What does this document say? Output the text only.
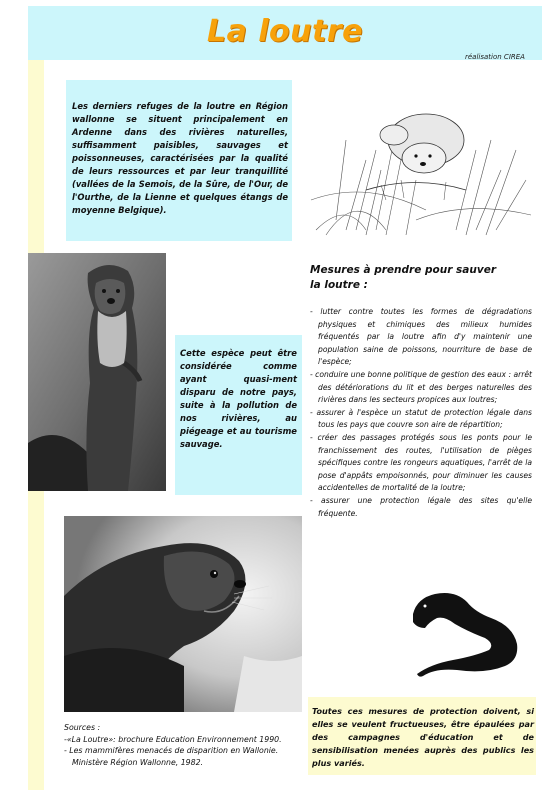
La loutre
réalisation CIREA
Les derniers refuges de la loutre en Région wallonne se situent principalement en Ardenne dans des rivières naturelles, suffisamment paisibles, sauvages et poissonneuses, caractérisées par la qualité de leurs ressources et par leur tranquillité (vallées de la Semois, de la Sûre, de l'Our, de l'Ourthe, de la Lienne et quelques étangs de moyenne Belgique).
Cette espèce peut être considérée comme ayant quasi-ment disparu de notre pays, suite à la pollution de nos rivières, au piégeage et au tourisme sauvage.
Mesures à prendre pour sauver
la loutre :
- lutter contre toutes les formes de dégradations physiques et chimiques des milieux humides fréquentés par la loutre afin d'y maintenir une population saine de poissons, nourriture de base de l'espèce;
- conduire une bonne politique de gestion des eaux : arrêt des détériorations du lit et des berges naturelles des rivières dans les secteurs propices aux loutres;
- assurer à l'espèce un statut de protection légale dans tous les pays que couvre son aire de répartition;
- créer des passages protégés sous les ponts pour le franchissement des routes, l'utilisation de pièges spécifiques contre les rongeurs aquatiques, l'arrêt de la pose d'appâts empoisonnés, pour diminuer les causes accidentelles de mortalité de la loutre;
- assurer une protection légale des sites qu'elle fréquente.
Toutes ces mesures de protection doivent, si elles se veulent fructueuses, être épaulées par des campagnes d'éducation et de sensibilisation menées auprès des publics les plus variés.
Sources :
-«La Loutre»: brochure Education Environnement 1990.
- Les mammifères menacés de disparition en Wallonie.
Ministère Région Wallonne, 1982.
